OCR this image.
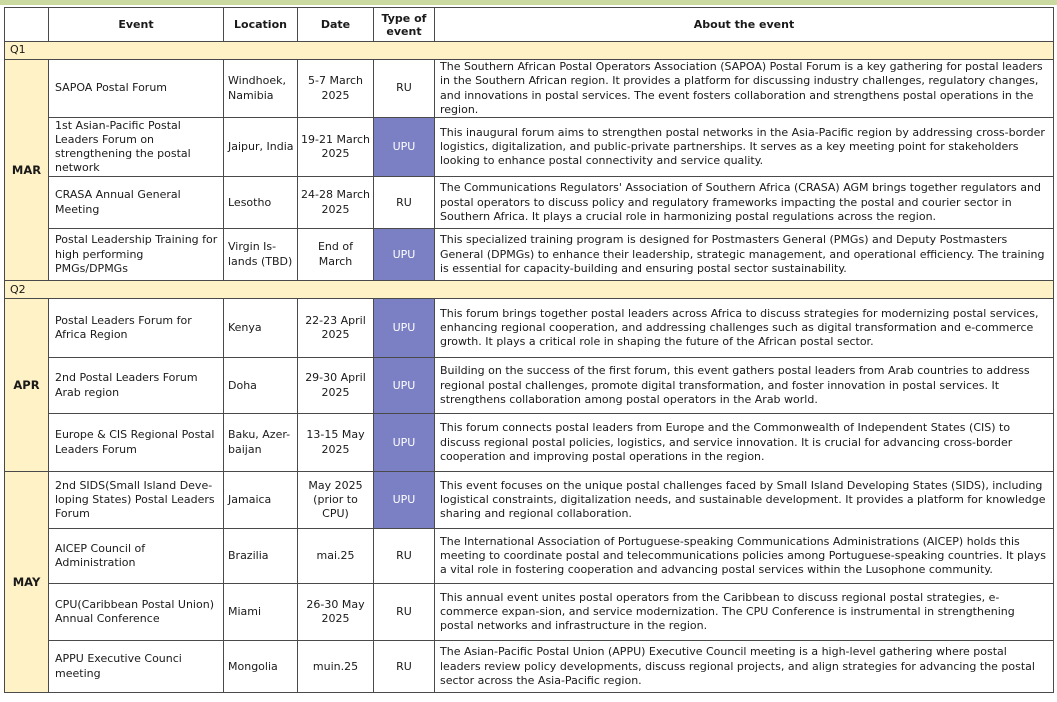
	Event	Location	Date	Type of event	About the event
Q1					
MAR	SAPOA Postal Forum	Windhoek, Namibia	5-7 March 2025	RU	The Southern African Postal Operators Association (SAPOA) Postal Forum is a key gathering for postal leaders in the Southern African region. It provides a platform for discussing industry challenges, regulatory changes, and innovations in postal services. The event fosters collaboration and strengthens postal operations in the region.
	1st Asian-Pacific Postal Leaders Forum on strengthening the postal network	Jaipur, India	19-21 March 2025	UPU	This inaugural forum aims to strengthen postal networks in the Asia-Pacific region by addressing cross-border logistics, digitalization, and public-private partnerships. It serves as a key meeting point for stakeholders looking to enhance postal connectivity and service quality.
	CRASA Annual General Meeting	Lesotho	24-28 March 2025	RU	The Communications Regulators' Association of Southern Africa (CRASA) AGM brings together regulators and postal operators to discuss policy and regulatory frameworks impacting the postal and courier sector in Southern Africa. It plays a crucial role in harmonizing postal regulations across the region.
	Postal Leadership Training for high performing PMGs/DPMGs	Virgin Is-lands (TBD)	End of March	UPU	This specialized training program is designed for Postmasters General (PMGs) and Deputy Postmasters General (DPMGs) to enhance their leadership, strategic management, and operational efficiency. The training is essential for capacity-building and ensuring postal sector sustainability.
Q2					
APR	Postal Leaders Forum for Africa Region	Kenya	22-23 April 2025	UPU	This forum brings together postal leaders across Africa to discuss strategies for modernizing postal services, enhancing regional cooperation, and addressing challenges such as digital transformation and e-commerce growth. It plays a critical role in shaping the future of the African postal sector.
	2nd Postal Leaders Forum Arab region	Doha	29-30 April 2025	UPU	Building on the success of the first forum, this event gathers postal leaders from Arab countries to address regional postal challenges, promote digital transformation, and foster innovation in postal services. It strengthens collaboration among postal operators in the Arab world.
	Europe & CIS Regional Postal Leaders Forum	Baku, Azer-baijan	13-15 May 2025	UPU	This forum connects postal leaders from Europe and the Commonwealth of Independent States (CIS) to discuss regional postal policies, logistics, and service innovation. It is crucial for advancing cross-border cooperation and improving postal operations in the region.
MAY	2nd SIDS(Small Island Deve-loping States) Postal Leaders Forum	Jamaica	May 2025 (prior to CPU)	UPU	This event focuses on the unique postal challenges faced by Small Island Developing States (SIDS), including logistical constraints, digitalization needs, and sustainable development. It provides a platform for knowledge sharing and regional collaboration.
	AICEP Council of Administration	Brazilia	mai.25	RU	The International Association of Portuguese-speaking Communications Administrations (AICEP) holds this meeting to coordinate postal and telecommunications policies among Portuguese-speaking countries. It plays a vital role in fostering cooperation and advancing postal services within the Lusophone community.
	CPU(Caribbean Postal Union) Annual Conference	Miami	26-30 May 2025	RU	This annual event unites postal operators from the Caribbean to discuss regional postal strategies, e-commerce expan-sion, and service modernization. The CPU Conference is instrumental in strengthening postal networks and infrastructure in the region.
	APPU Executive Counci meeting	Mongolia	muin.25	RU	The Asian-Pacific Postal Union (APPU) Executive Council meeting is a high-level gathering where postal leaders review policy developments, discuss regional projects, and align strategies for advancing the postal sector across the Asia-Pacific region.
